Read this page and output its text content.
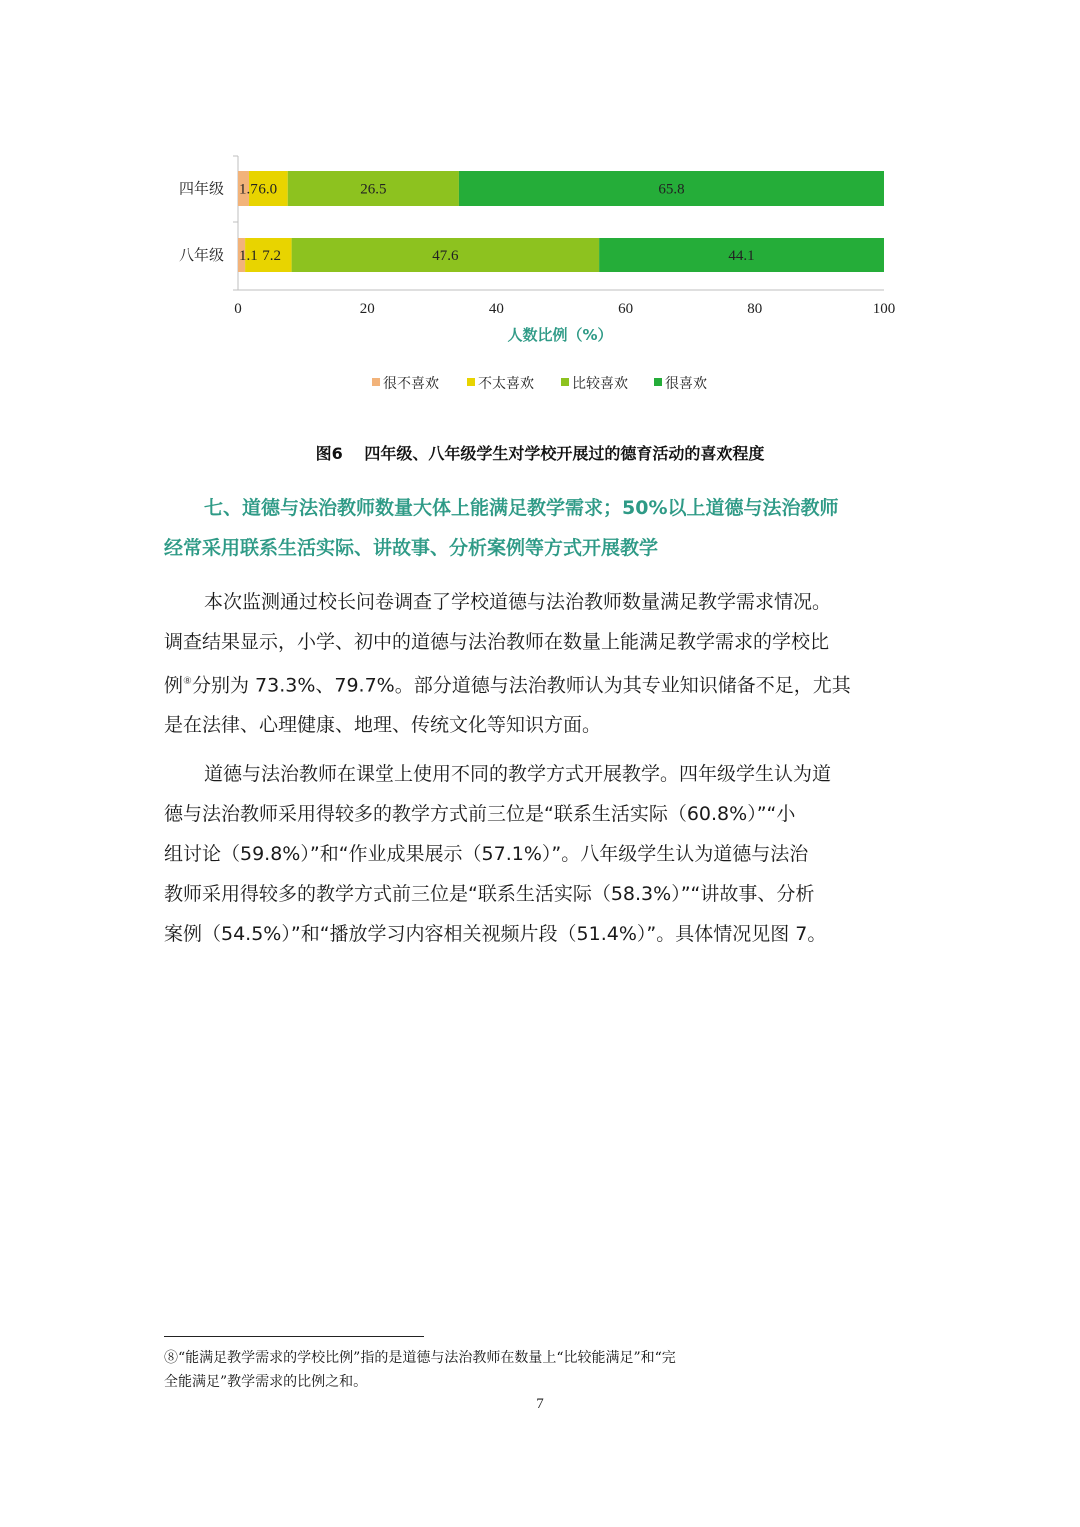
1.7 6.0	26.5	65.8
1.1 7.2	47.6	44.1
四年级
八年级
0	20	40	60	80	100
人数比例（%）
很不喜欢	不太喜欢	比较喜欢	很喜欢
图6 四年级、八年级学生对学校开展过的德育活动的喜欢程度
七、道德与法治教师数量大体上能满足教学需求；50%以上道德与法治教师
经常采用联系生活实际、讲故事、分析案例等方式开展教学
本次监测通过校长问卷调查了学校道德与法治教师数量满足教学需求情况。
调查结果显示，小学、初中的道德与法治教师在数量上能满足教学需求的学校比
例⑧分别为 73.3%、79.7%。部分道德与法治教师认为其专业知识储备不足，尤其
是在法律、心理健康、地理、传统文化等知识方面。
道德与法治教师在课堂上使用不同的教学方式开展教学。四年级学生认为道
德与法治教师采用得较多的教学方式前三位是“联系生活实际（60.8%）”“小
组讨论（59.8%）”和“作业成果展示（57.1%）”。八年级学生认为道德与法治
教师采用得较多的教学方式前三位是“联系生活实际（58.3%）”“讲故事、分析
案例（54.5%）”和“播放学习内容相关视频片段（51.4%）”。具体情况见图 7。
⑧“能满足教学需求的学校比例”指的是道德与法治教师在数量上“比较能满足”和“完
全能满足”教学需求的比例之和。
7
